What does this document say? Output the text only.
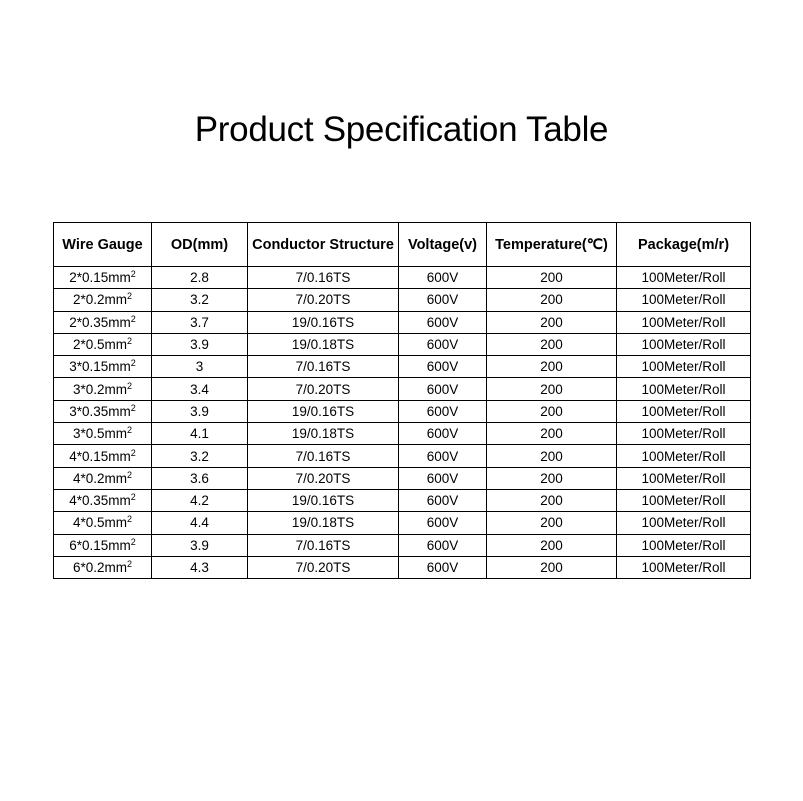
Product Specification Table
Wire Gauge	OD(mm)	Conductor Structure	Voltage(v)	Temperature(℃)	Package(m/r)
$2*0.15mm^2$	2.8	7/0.16TS	600V	200	100Meter/Roll
$2*0.2mm^2$	3.2	7/0.20TS	600V	200	100Meter/Roll
$2*0.35mm^2$	3.7	19/0.16TS	600V	200	100Meter/Roll
$2*0.5mm^2$	3.9	19/0.18TS	600V	200	100Meter/Roll
$3*0.15mm^2$	3	7/0.16TS	600V	200	100Meter/Roll
$3*0.2mm^2$	3.4	7/0.20TS	600V	200	100Meter/Roll
$3*0.35mm^2$	3.9	19/0.16TS	600V	200	100Meter/Roll
$3*0.5mm^2$	4.1	19/0.18TS	600V	200	100Meter/Roll
$4*0.15mm^2$	3.2	7/0.16TS	600V	200	100Meter/Roll
$4*0.2mm^2$	3.6	7/0.20TS	600V	200	100Meter/Roll
$4*0.35mm^2$	4.2	19/0.16TS	600V	200	100Meter/Roll
$4*0.5mm^2$	4.4	19/0.18TS	600V	200	100Meter/Roll
$6*0.15mm^2$	3.9	7/0.16TS	600V	200	100Meter/Roll
$6*0.2mm^2$	4.3	7/0.20TS	600V	200	100Meter/Roll
